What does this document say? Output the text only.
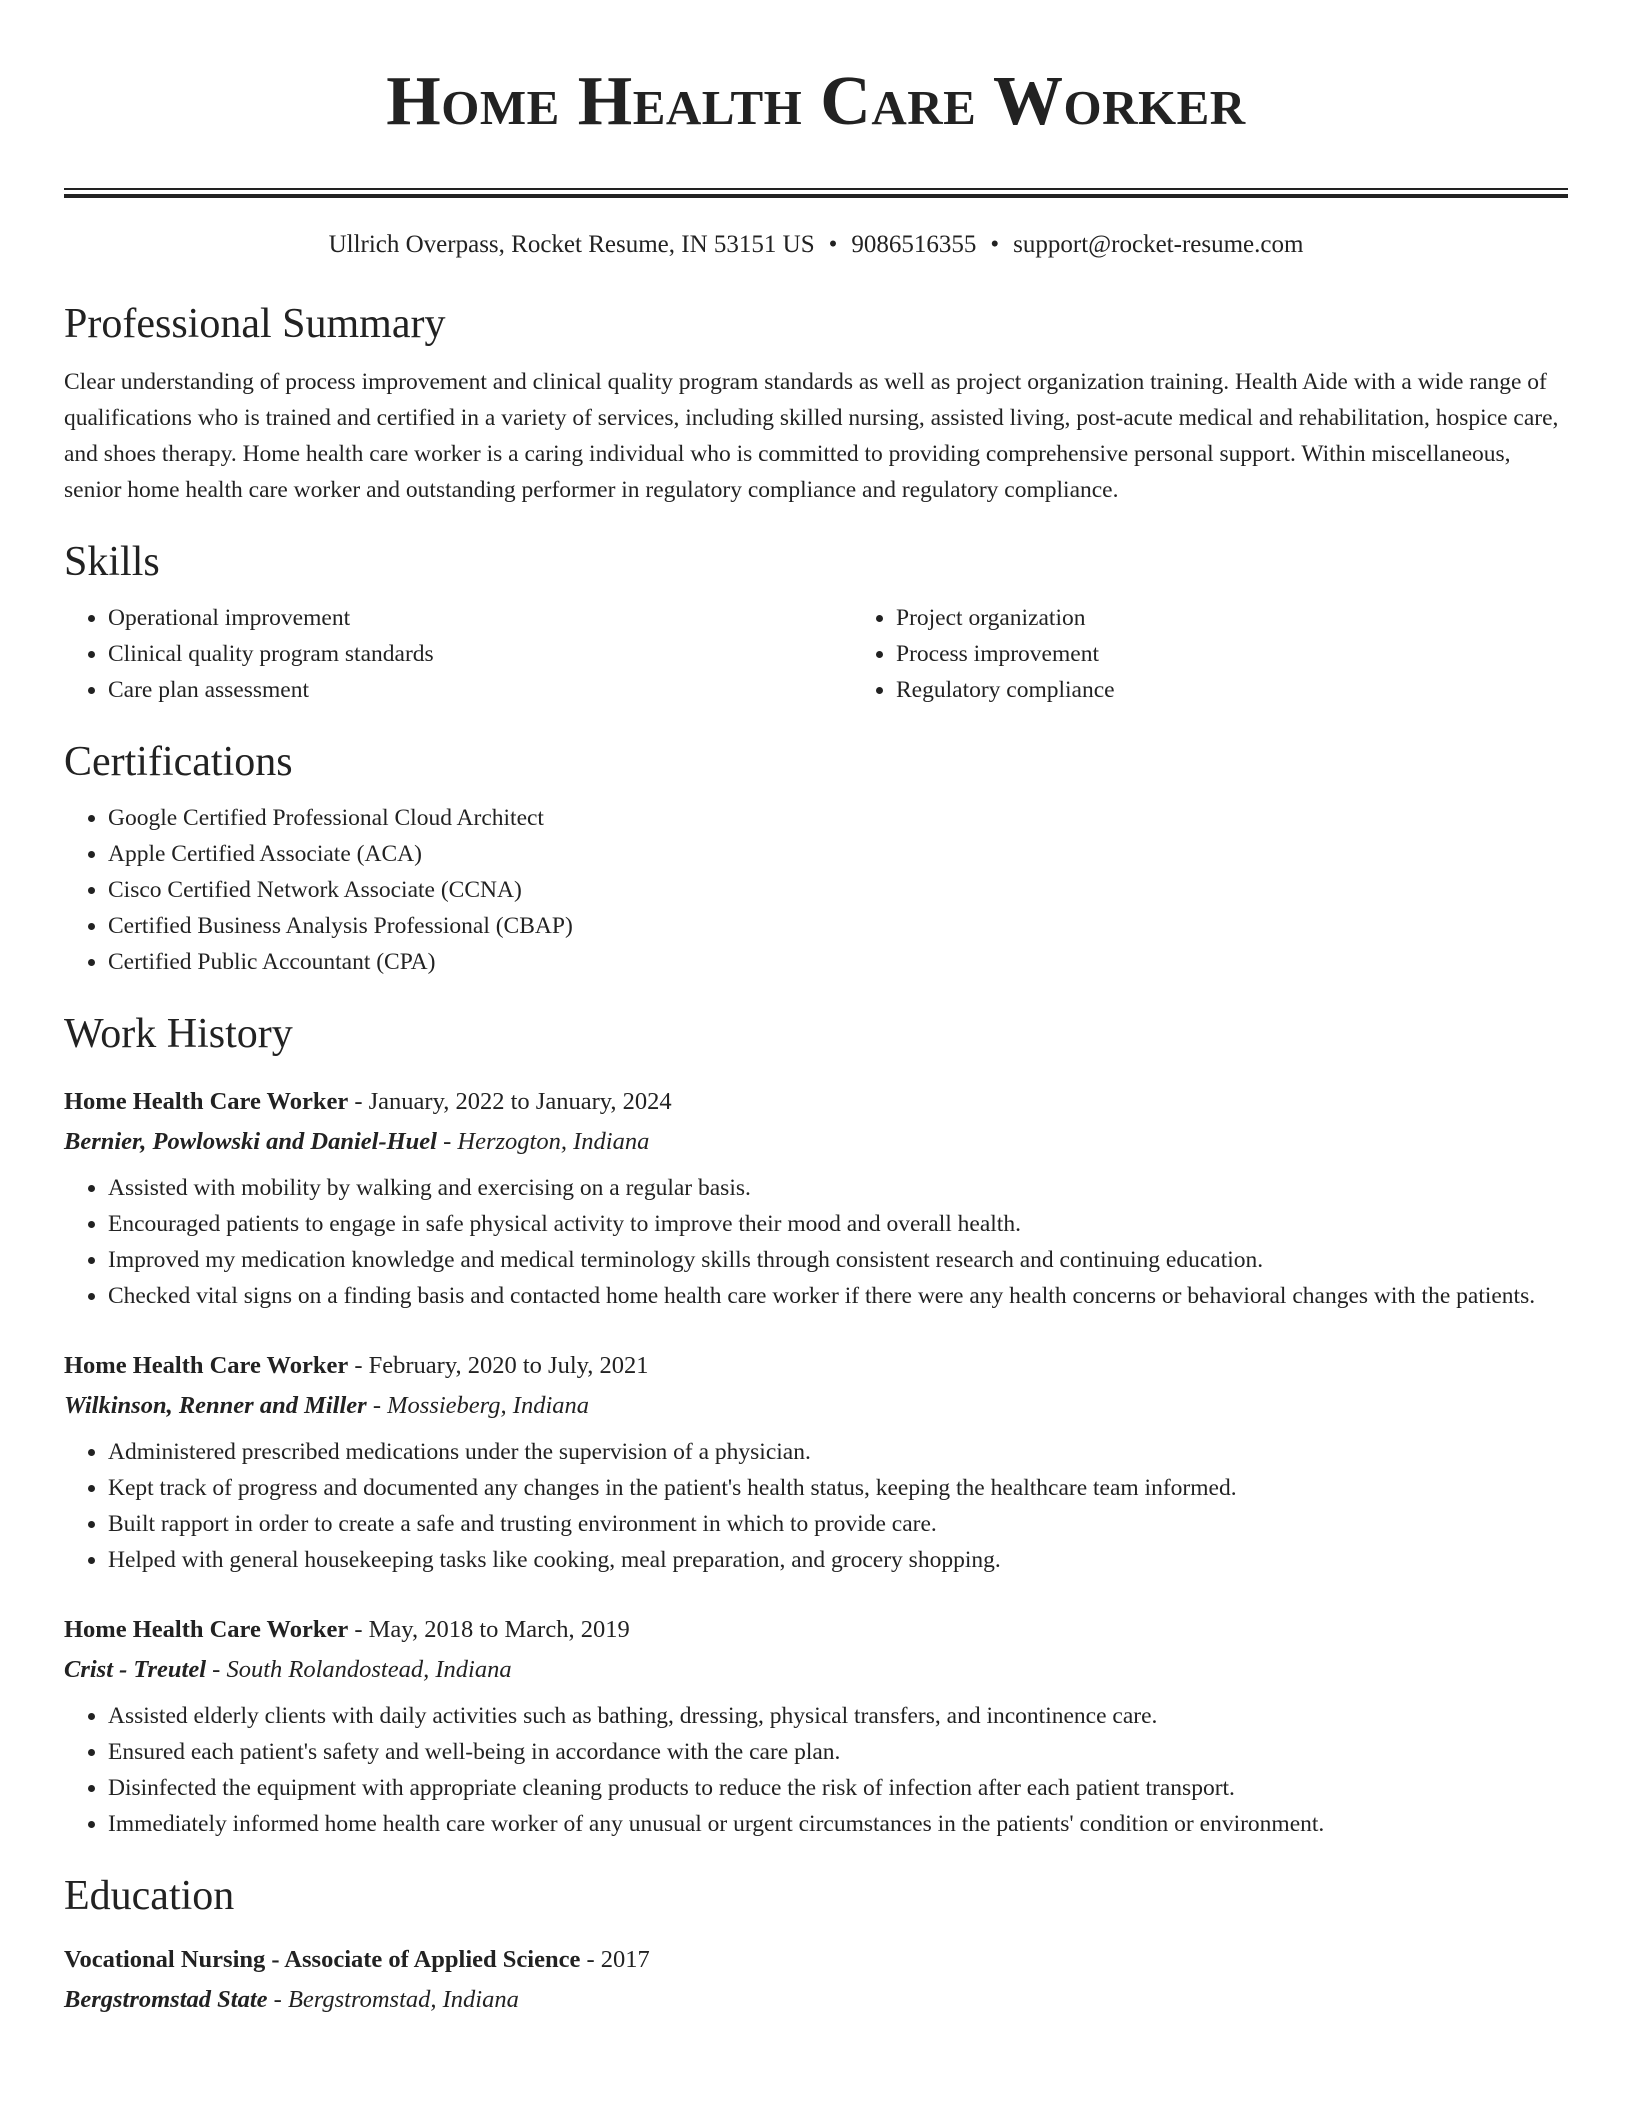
Home Health Care Worker
Ullrich Overpass, Rocket Resume, IN 53151 US • 9086516355 • support@rocket-resume.com
Professional Summary

Clear understanding of process improvement and clinical quality program standards as well as project organization training. Health Aide with a wide range of qualifications who is trained and certified in a variety of services, including skilled nursing, assisted living, post-acute medical and rehabilitation, hospice care, and shoes therapy. Home health care worker is a caring individual who is committed to providing comprehensive personal support. Within miscellaneous, senior home health care worker and outstanding performer in regulatory compliance and regulatory compliance.

Skills
• Operational improvement
• Clinical quality program standards
• Care plan assessment
• Project organization
• Process improvement
• Regulatory compliance
Certifications
• Google Certified Professional Cloud Architect
• Apple Certified Associate (ACA)
• Cisco Certified Network Associate (CCNA)
• Certified Business Analysis Professional (CBAP)
• Certified Public Accountant (CPA)
Work History
Home Health Care Worker - January, 2022 to January, 2024
Bernier, Powlowski and Daniel-Huel - Herzogton, Indiana
• Assisted with mobility by walking and exercising on a regular basis.
• Encouraged patients to engage in safe physical activity to improve their mood and overall health.
• Improved my medication knowledge and medical terminology skills through consistent research and continuing education.
• Checked vital signs on a finding basis and contacted home health care worker if there were any health concerns or behavioral changes with the patients.
Home Health Care Worker - February, 2020 to July, 2021
Wilkinson, Renner and Miller - Mossieberg, Indiana
• Administered prescribed medications under the supervision of a physician.
• Kept track of progress and documented any changes in the patient's health status, keeping the healthcare team informed.
• Built rapport in order to create a safe and trusting environment in which to provide care.
• Helped with general housekeeping tasks like cooking, meal preparation, and grocery shopping.
Home Health Care Worker - May, 2018 to March, 2019
Crist - Treutel - South Rolandostead, Indiana
• Assisted elderly clients with daily activities such as bathing, dressing, physical transfers, and incontinence care.
• Ensured each patient's safety and well-being in accordance with the care plan.
• Disinfected the equipment with appropriate cleaning products to reduce the risk of infection after each patient transport.
• Immediately informed home health care worker of any unusual or urgent circumstances in the patients' condition or environment.
Education
Vocational Nursing - Associate of Applied Science - 2017
Bergstromstad State - Bergstromstad, Indiana
